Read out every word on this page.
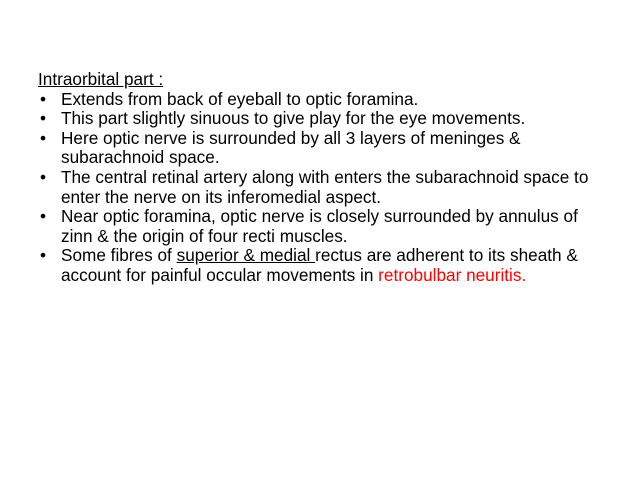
Intraorbital part :
• Extends from back of eyeball to optic foramina.
• This part slightly sinuous to give play for the eye movements.
• Here optic nerve is surrounded by all 3 layers of meninges & subarachnoid space.
• The central retinal artery along with enters the subarachnoid space to enter the nerve on its inferomedial aspect.
• Near optic foramina, optic nerve is closely surrounded by annulus of zinn & the origin of four recti muscles.
• Some fibres of superior & medial rectus are adherent to its sheath & account for painful occular movements in retrobulbar neuritis.
